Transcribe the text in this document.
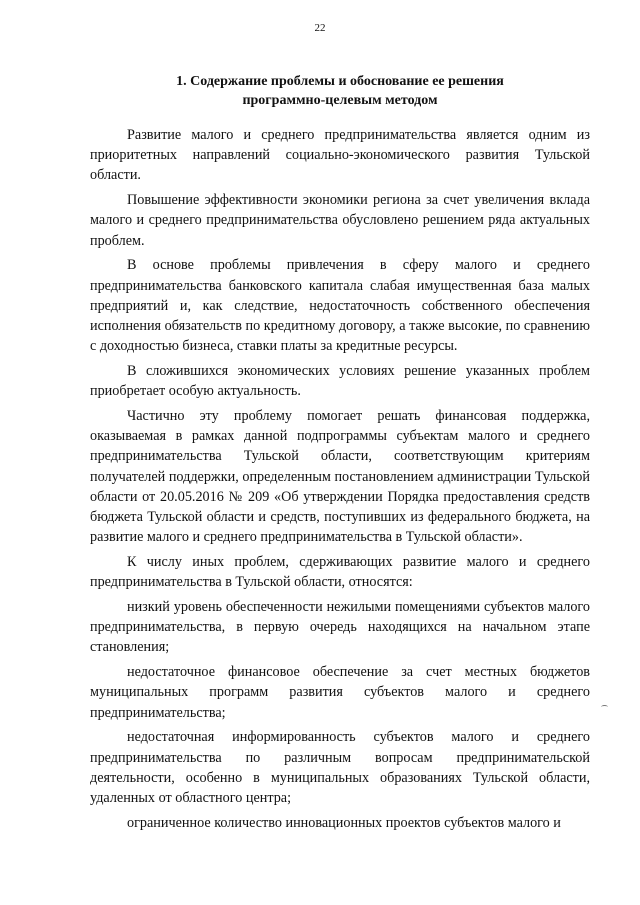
22
1. Содержание проблемы и обоснование ее решения
программно-целевым методом

Развитие малого и среднего предпринимательства является одним из приоритетных направлений социально-экономического развития Тульской области.

Повышение эффективности экономики региона за счет увеличения вклада малого и среднего предпринимательства обусловлено решением ряда актуальных проблем.

В основе проблемы привлечения в сферу малого и среднего предпринимательства банковского капитала слабая имущественная база малых предприятий и, как следствие, недостаточность собственного обеспечения исполнения обязательств по кредитному договору, а также высокие, по сравнению с доходностью бизнеса, ставки платы за кредитные ресурсы.

В сложившихся экономических условиях решение указанных проблем приобретает особую актуальность.

Частично эту проблему помогает решать финансовая поддержка, оказываемая в рамках данной подпрограммы субъектам малого и среднего предпринимательства Тульской области, соответствующим критериям получателей поддержки, определенным постановлением администрации Тульской области от 20.05.2016 № 209 «Об утверждении Порядка предоставления средств бюджета Тульской области и средств, поступивших из федерального бюджета, на развитие малого и среднего предпринимательства в Тульской области».

К числу иных проблем, сдерживающих развитие малого и среднего предпринимательства в Тульской области, относятся:

низкий уровень обеспеченности нежилыми помещениями субъектов малого предпринимательства, в первую очередь находящихся на начальном этапе становления;

недостаточное финансовое обеспечение за счет местных бюджетов муниципальных программ развития субъектов малого и среднего предпринимательства;

недостаточная информированность субъектов малого и среднего предпринимательства по различным вопросам предпринимательской деятельности, особенно в муниципальных образованиях Тульской области, удаленных от областного центра;

ограниченное количество инновационных проектов субъектов малого и
